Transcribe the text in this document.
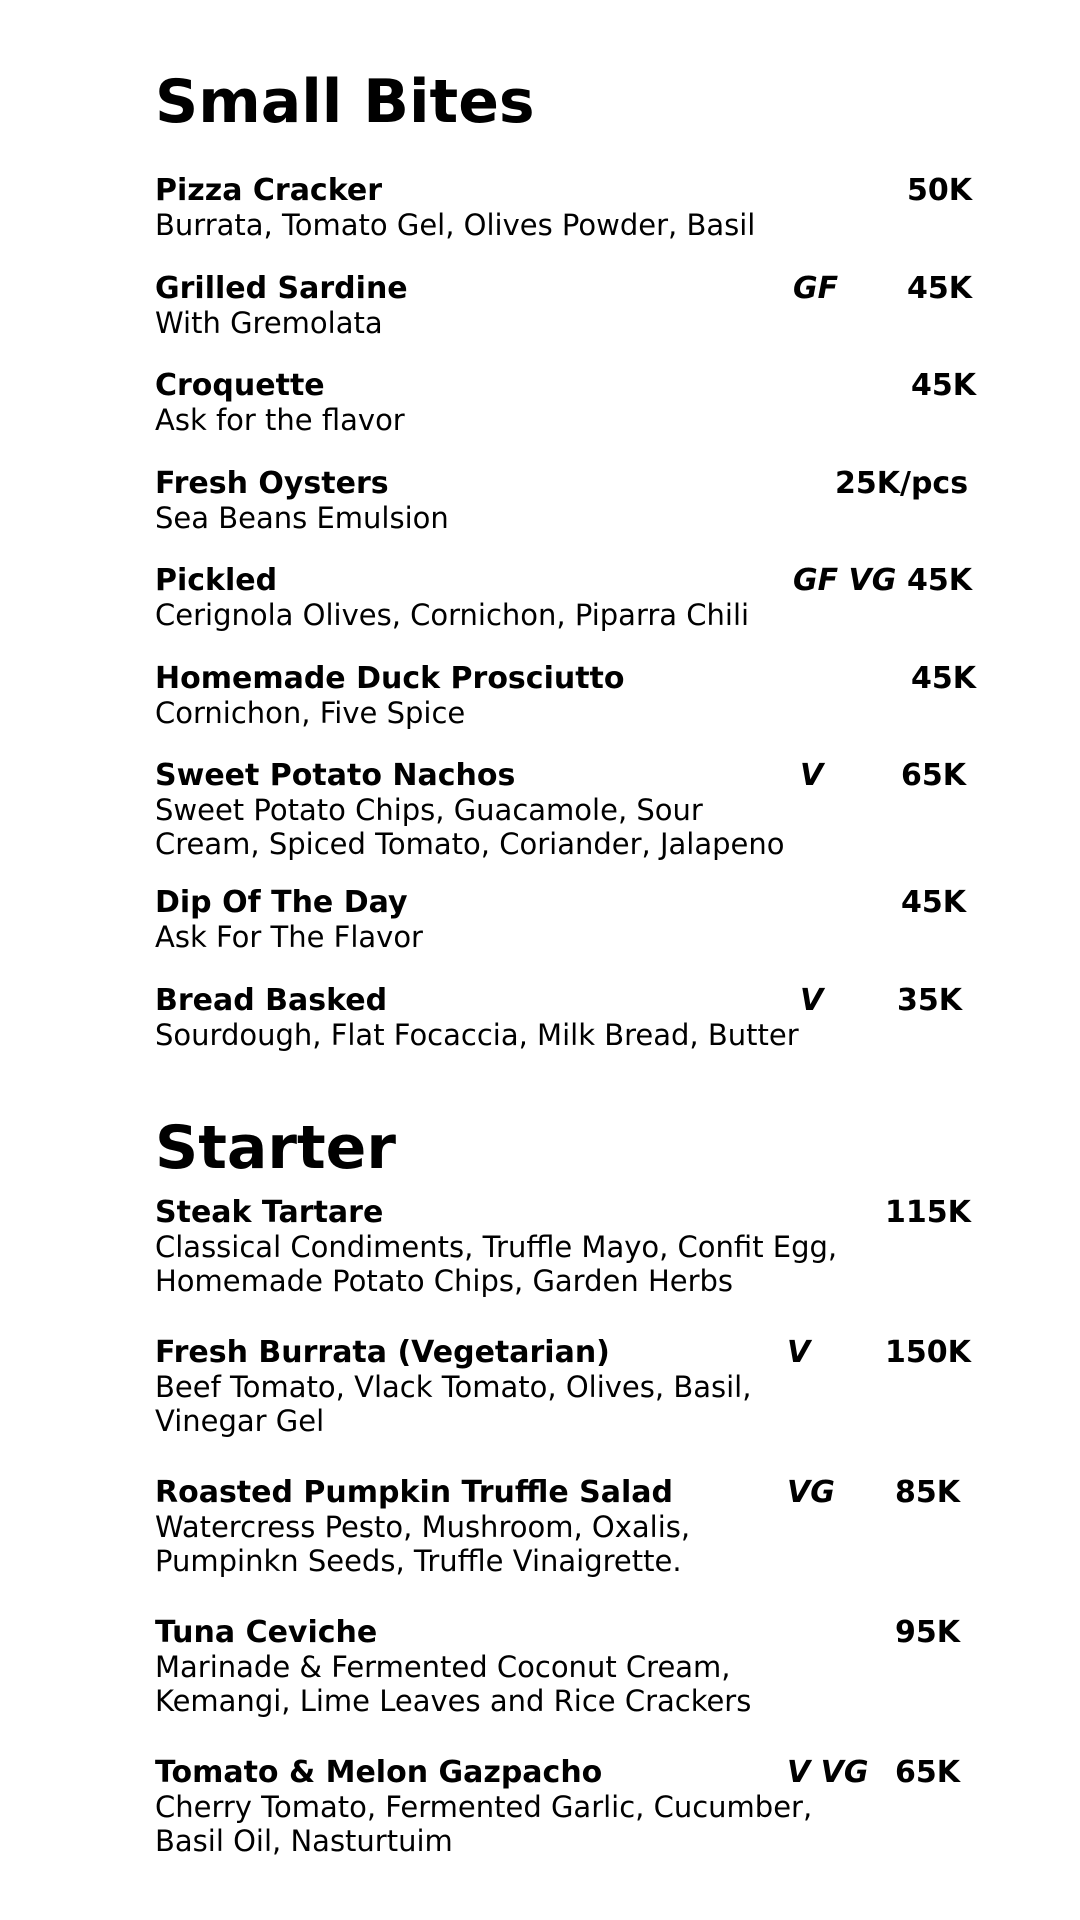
Small Bites
Pizza Cracker
Burrata, Tomato Gel, Olives Powder, Basil
50K
Grilled Sardine
With Gremolata
GF 45K
Croquette
Ask for the flavor
45K
Fresh Oysters
Sea Beans Emulsion
25K/pcs
Pickled
Cerignola Olives, Cornichon, Piparra Chili
GF VG 45K
Homemade Duck Prosciutto
Cornichon, Five Spice
45K
Sweet Potato Nachos
Sweet Potato Chips, Guacamole, Sour Cream, Spiced Tomato, Coriander, Jalapeno
V	65K
Dip Of The Day
Ask For The Flavor
45K
Bread Basked
Sourdough, Flat Focaccia, Milk Bread, Butter
V 35K
Starter
Steak Tartare
Classical Condiments, Truffle Mayo, Confit Egg, Homemade Potato Chips, Garden Herbs
115K
Fresh Burrata (Vegetarian)
Beef Tomato, Vlack Tomato, Olives, Basil, Vinegar Gel
V 150K
Roasted Pumpkin Truffle Salad
Watercress Pesto, Mushroom, Oxalis, Pumpinkn Seeds, Truffle Vinaigrette.
VG 85K
Tuna Ceviche
Marinade & Fermented Coconut Cream, Kemangi, Lime Leaves and Rice Crackers
95K
Tomato & Melon Gazpacho
Cherry Tomato, Fermented Garlic, Cucumber, Basil Oil, Nasturtuim
V VG 65K
